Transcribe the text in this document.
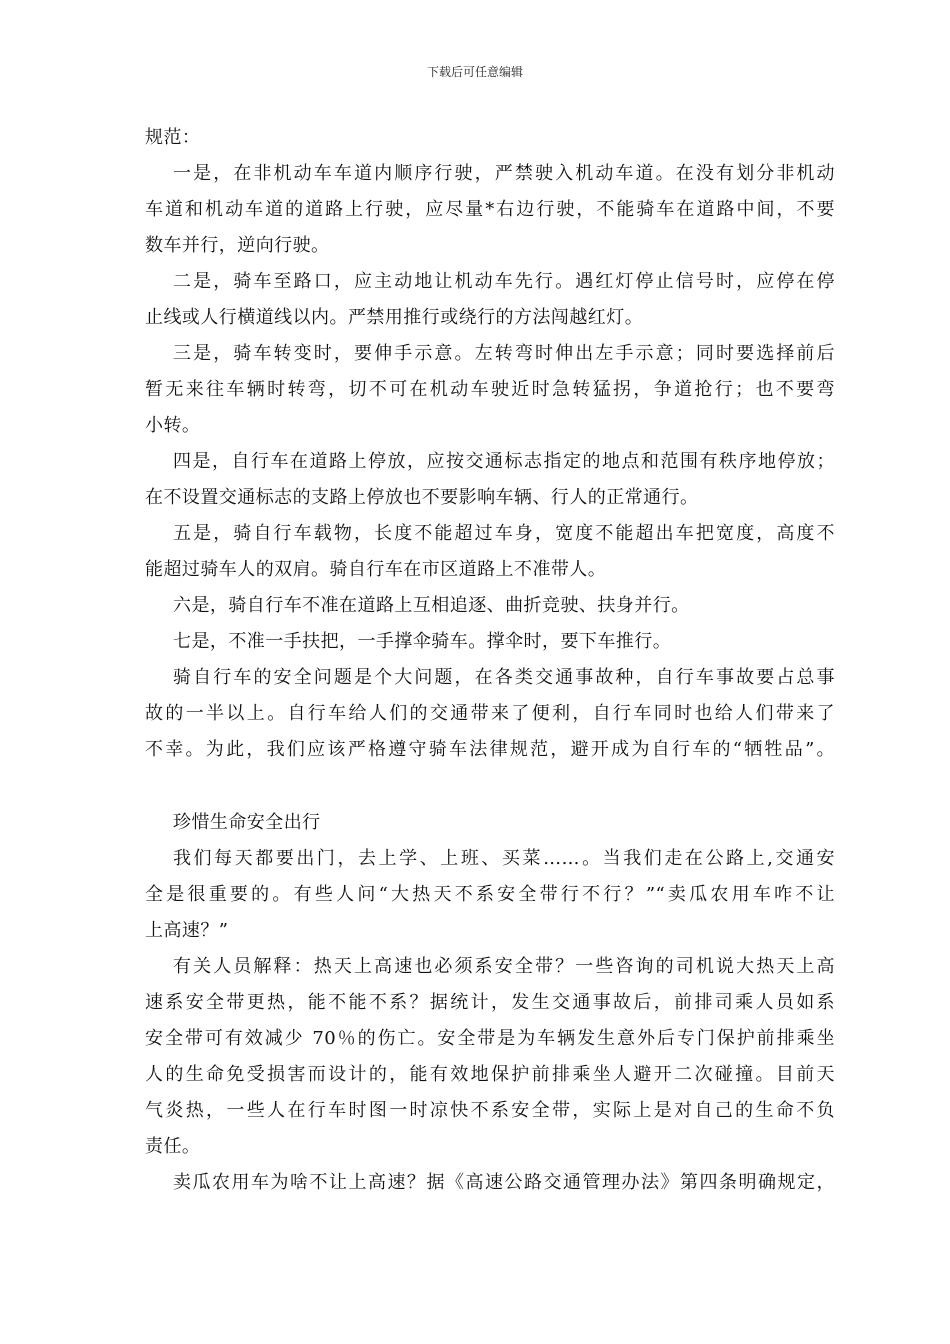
下载后可任意编辑
规范：
一是，在非机动车车道内顺序行驶，严禁驶入机动车道。在没有划分非机动
车道和机动车道的道路上行驶，应尽量*右边行驶，不能骑车在道路中间，不要
数车并行，逆向行驶。
二是，骑车至路口，应主动地让机动车先行。遇红灯停止信号时，应停在停
止线或人行横道线以内。严禁用推行或绕行的方法闯越红灯。
三是，骑车转变时，要伸手示意。左转弯时伸出左手示意；同时要选择前后
暂无来往车辆时转弯，切不可在机动车驶近时急转猛拐，争道抢行；也不要弯
小转。
四是，自行车在道路上停放，应按交通标志指定的地点和范围有秩序地停放；
在不设置交通标志的支路上停放也不要影响车辆、行人的正常通行。
五是，骑自行车载物，长度不能超过车身，宽度不能超出车把宽度，高度不
能超过骑车人的双肩。骑自行车在市区道路上不准带人。
六是，骑自行车不准在道路上互相追逐、曲折竞驶、扶身并行。
七是，不准一手扶把，一手撑伞骑车。撑伞时，要下车推行。
骑自行车的安全问题是个大问题，在各类交通事故种，自行车事故要占总事
故的一半以上。自行车给人们的交通带来了便利，自行车同时也给人们带来了
不幸。为此，我们应该严格遵守骑车法律规范，避开成为自行车的“牺牲品”。
珍惜生命安全出行
我们每天都要出门，去上学、上班、买菜……。当我们走在公路上,交通安
全是很重要的。有些人问“大热天不系安全带行不行？”“卖瓜农用车咋不让
上高速？”
有关人员解释：热天上高速也必须系安全带？一些咨询的司机说大热天上高
速系安全带更热，能不能不系？据统计，发生交通事故后，前排司乘人员如系
安全带可有效减少 70％的伤亡。安全带是为车辆发生意外后专门保护前排乘坐
人的生命免受损害而设计的，能有效地保护前排乘坐人避开二次碰撞。目前天
气炎热，一些人在行车时图一时凉快不系安全带，实际上是对自己的生命不负
责任。
卖瓜农用车为啥不让上高速？据《高速公路交通管理办法》第四条明确规定，
